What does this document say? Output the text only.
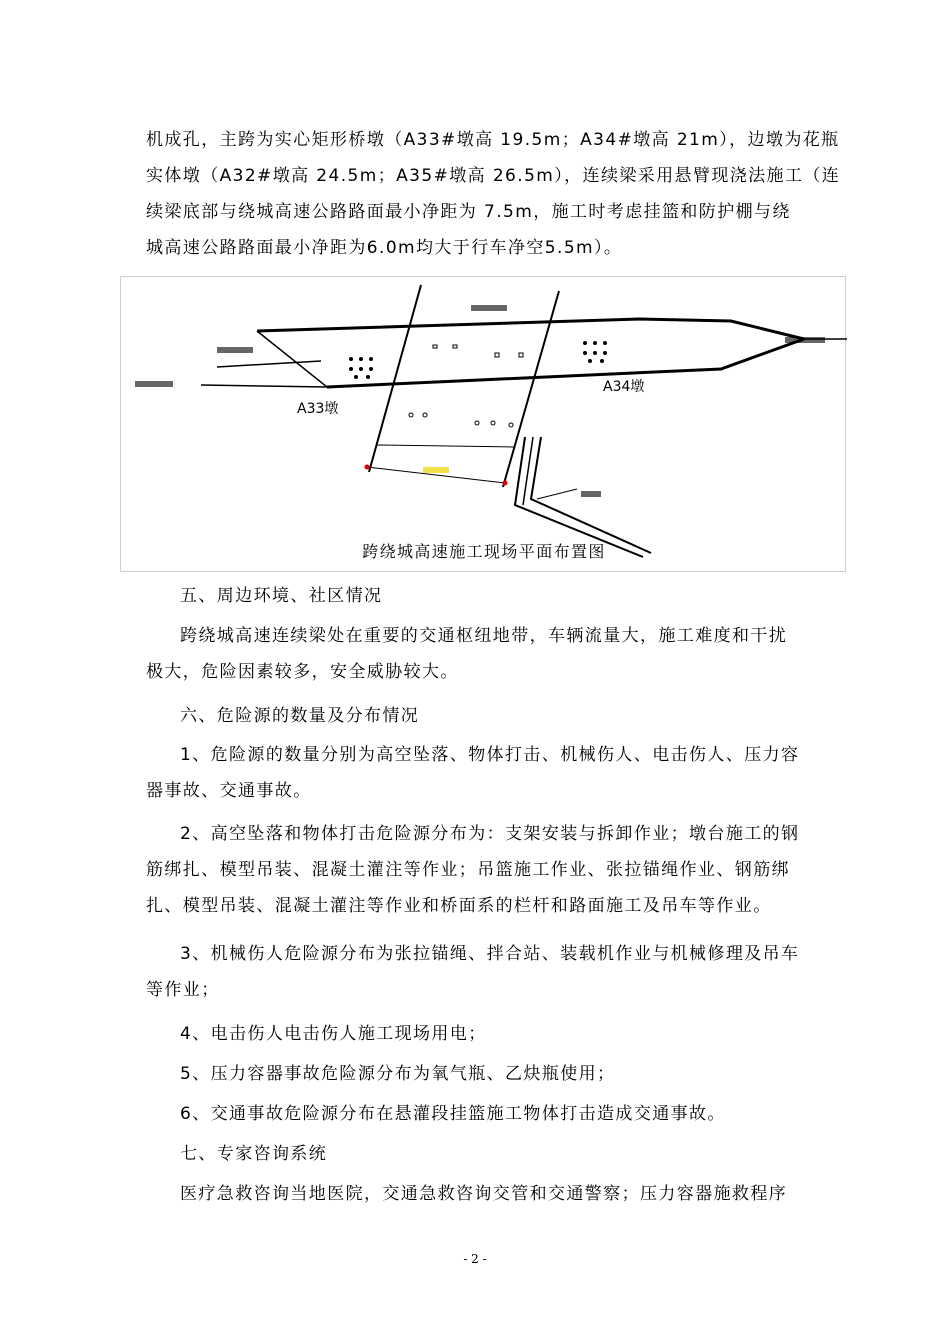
机成孔，主跨为实心矩形桥墩（A33#墩高 19.5m；A34#墩高 21m），边墩为花瓶
实体墩（A32#墩高 24.5m；A35#墩高 26.5m），连续梁采用悬臂现浇法施工（连
续梁底部与绕城高速公路路面最小净距为 7.5m，施工时考虑挂篮和防护棚与绕
城高速公路路面最小净距为6.0m均大于行车净空5.5m）。
A33墩
A34墩
跨绕城高速施工现场平面布置图
五、周边环境、社区情况
跨绕城高速连续梁处在重要的交通枢纽地带，车辆流量大，施工难度和干扰
极大，危险因素较多，安全威胁较大。
六、危险源的数量及分布情况
1、危险源的数量分别为高空坠落、物体打击、机械伤人、电击伤人、压力容
器事故、交通事故。
2、高空坠落和物体打击危险源分布为：支架安装与拆卸作业；墩台施工的钢
筋绑扎、模型吊装、混凝土灌注等作业；吊篮施工作业、张拉锚绳作业、钢筋绑
扎、模型吊装、混凝土灌注等作业和桥面系的栏杆和路面施工及吊车等作业。
3、机械伤人危险源分布为张拉锚绳、拌合站、装载机作业与机械修理及吊车
等作业；
4、电击伤人电击伤人施工现场用电；
5、压力容器事故危险源分布为氧气瓶、乙炔瓶使用；
6、交通事故危险源分布在悬灌段挂篮施工物体打击造成交通事故。
七、专家咨询系统
医疗急救咨询当地医院，交通急救咨询交管和交通警察；压力容器施救程序
- 2 -
